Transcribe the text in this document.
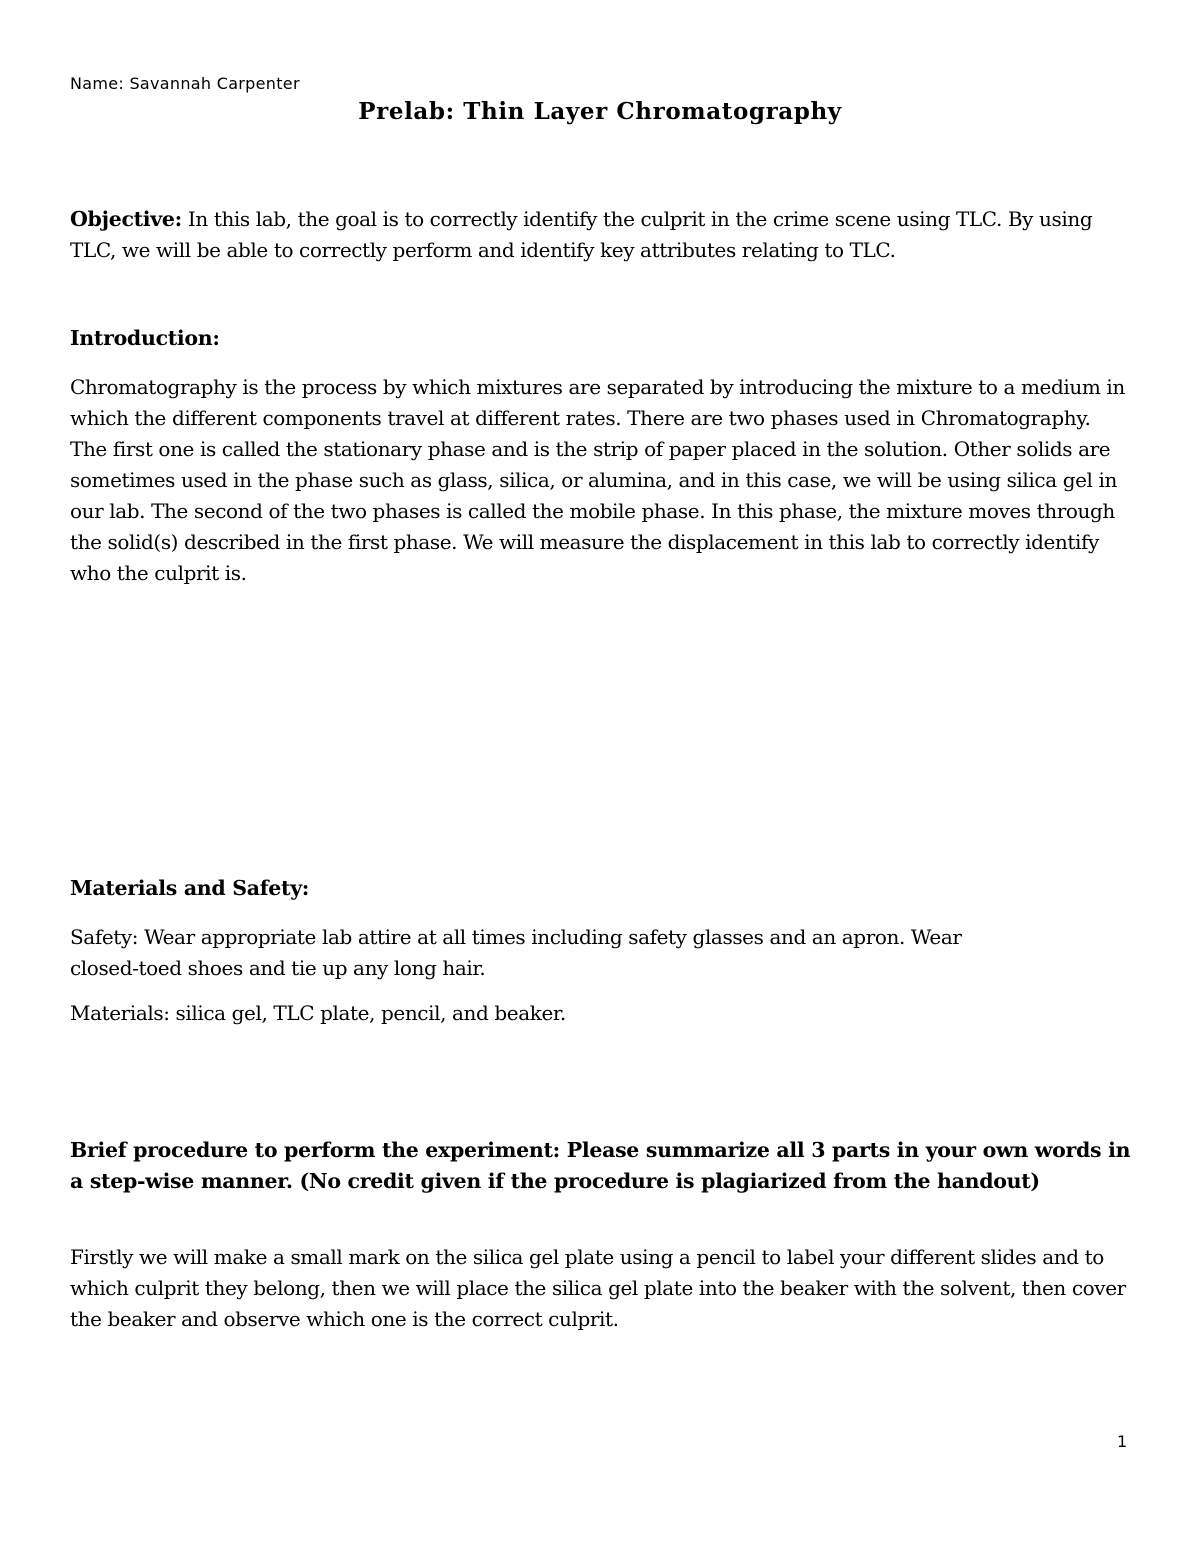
Name: Savannah Carpenter
Prelab: Thin Layer Chromatography

Objective: In this lab, the goal is to correctly identify the culprit in the crime scene using TLC. By using TLC, we will be able to correctly perform and identify key attributes relating to TLC.

Introduction:

Chromatography is the process by which mixtures are separated by introducing the mixture to a medium in which the different components travel at different rates. There are two phases used in Chromatography. The first one is called the stationary phase and is the strip of paper placed in the solution. Other solids are sometimes used in the phase such as glass, silica, or alumina, and in this case, we will be using silica gel in our lab. The second of the two phases is called the mobile phase. In this phase, the mixture moves through the solid(s) described in the first phase. We will measure the displacement in this lab to correctly identify who the culprit is.

Materials and Safety:

Safety: Wear appropriate lab attire at all times including safety glasses and an apron. Wear closed-toed shoes and tie up any long hair.

Materials: silica gel, TLC plate, pencil, and beaker.

Brief procedure to perform the experiment: Please summarize all 3 parts in your own words in a step-wise manner. (No credit given if the procedure is plagiarized from the handout)

Firstly we will make a small mark on the silica gel plate using a pencil to label your different slides and to which culprit they belong, then we will place the silica gel plate into the beaker with the solvent, then cover the beaker and observe which one is the correct culprit.

1
